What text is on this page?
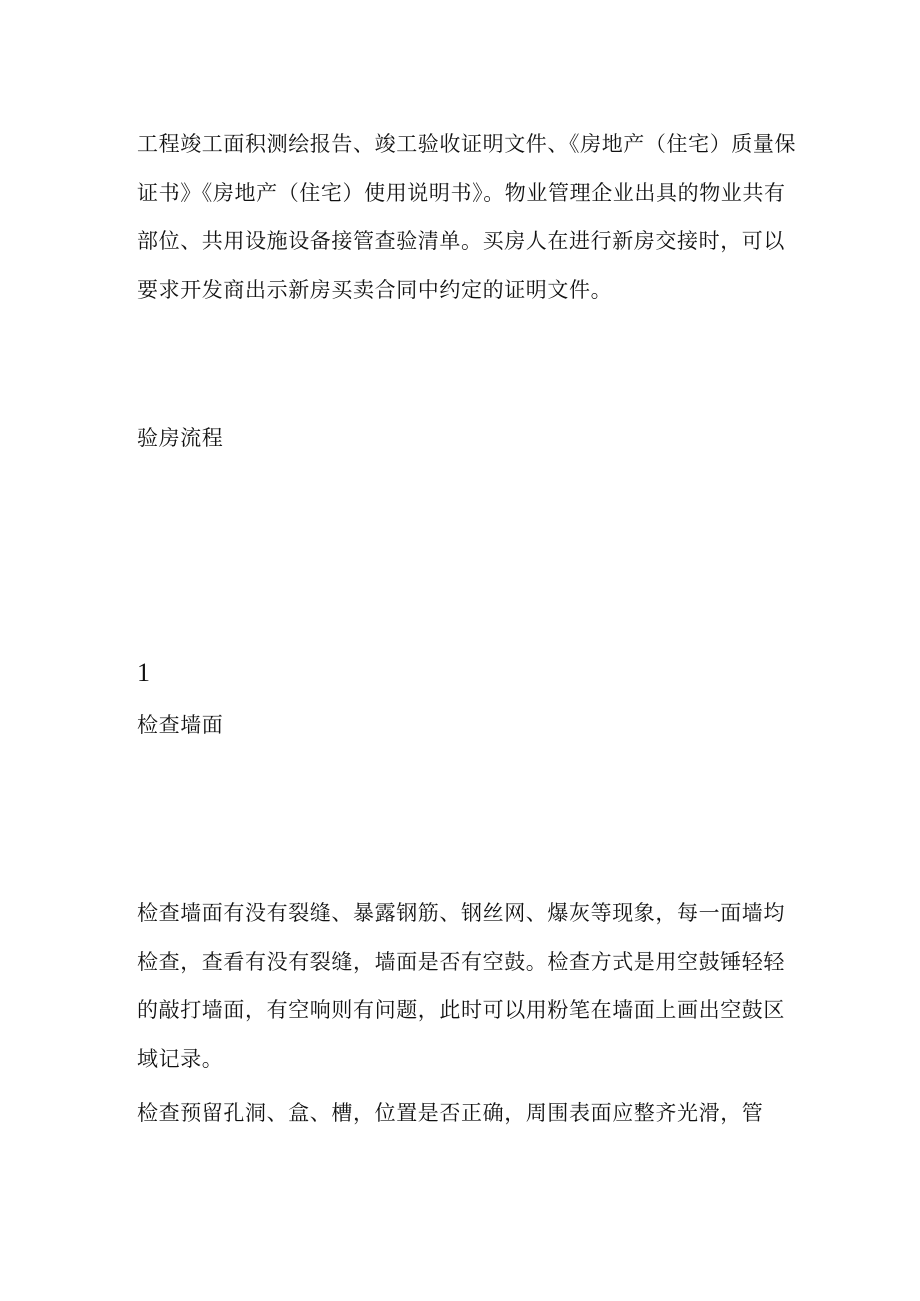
工程竣工面积测绘报告、竣工验收证明文件、《房地产（住宅）质量保证书》《房地产（住宅）使用说明书》。物业管理企业出具的物业共有部位、共用设施设备接管查验清单。买房人在进行新房交接时，可以要求开发商出示新房买卖合同中约定的证明文件。

验房流程

1

检查墙面

检查墙面有没有裂缝、暴露钢筋、钢丝网、爆灰等现象，每一面墙均检查，查看有没有裂缝，墙面是否有空鼓。检查方式是用空鼓锤轻轻的敲打墙面，有空响则有问题，此时可以用粉笔在墙面上画出空鼓区域记录。

检查预留孔洞、盒、槽，位置是否正确，周围表面应整齐光滑，管
